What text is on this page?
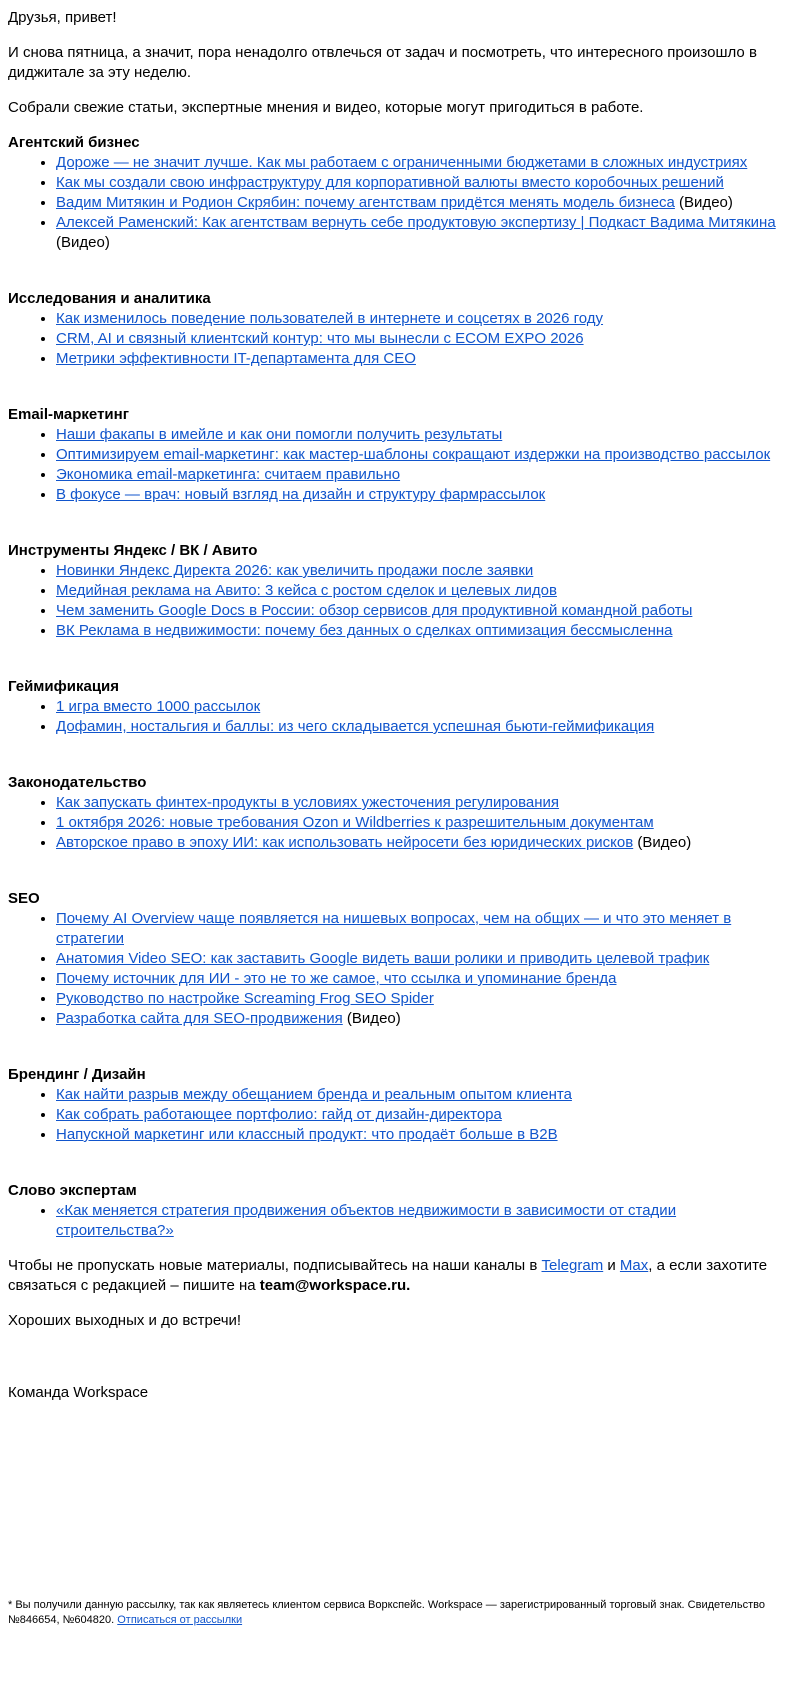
Друзья, привет!

И снова пятница, а значит, пора ненадолго отвлечься от задач и посмотреть, что интересного произошло в диджитале за эту неделю.

Собрали свежие статьи, экспертные мнения и видео, которые могут пригодиться в работе.

Агентский бизнес
• Дороже — не значит лучше. Как мы работаем с ограниченными бюджетами в сложных индустриях
• Как мы создали свою инфраструктуру для корпоративной валюты вместо коробочных решений
• Вадим Митякин и Родион Скрябин: почему агентствам придётся менять модель бизнеса (Видео)
• Алексей Раменский: Как агентствам вернуть себе продуктовую экспертизу | Подкаст Вадима Митякина (Видео)
Исследования и аналитика
• Как изменилось поведение пользователей в интернете и соцсетях в 2026 году
• CRM, AI и связный клиентский контур: что мы вынесли с ECOM EXPO 2026
• Метрики эффективности IT-департамента для CEO
Email-маркетинг
• Наши факапы в имейле и как они помогли получить результаты
• Оптимизируем email-маркетинг: как мастер-шаблоны сокращают издержки на производство рассылок
• Экономика email-маркетинга: считаем правильно
• В фокусе — врач: новый взгляд на дизайн и структуру фармрассылок
Инструменты Яндекс / ВК / Авито
• Новинки Яндекс Директа 2026: как увеличить продажи после заявки
• Медийная реклама на Авито: 3 кейса с ростом сделок и целевых лидов
• Чем заменить Google Docs в России: обзор сервисов для продуктивной командной работы
• ВК Реклама в недвижимости: почему без данных о сделках оптимизация бессмысленна
Геймификация
• 1 игра вместо 1000 рассылок
• Дофамин, ностальгия и баллы: из чего складывается успешная бьюти-геймификация
Законодательство
• Как запускать финтех-продукты в условиях ужесточения регулирования
• 1 октября 2026: новые требования Ozon и Wildberries к разрешительным документам
• Авторское право в эпоху ИИ: как использовать нейросети без юридических рисков (Видео)
SEO
• Почему AI Overview чаще появляется на нишевых вопросах, чем на общих — и что это меняет в стратегии
• Анатомия Video SEO: как заставить Google видеть ваши ролики и приводить целевой трафик
• Почему источник для ИИ - это не то же самое, что ссылка и упоминание бренда
• Руководство по настройке Screaming Frog SEO Spider
• Разработка сайта для SEO-продвижения (Видео)
Брендинг / Дизайн
• Как найти разрыв между обещанием бренда и реальным опытом клиента
• Как собрать работающее портфолио: гайд от дизайн-директора
• Напускной маркетинг или классный продукт: что продаёт больше в B2B
Слово экспертам
• «Как меняется стратегия продвижения объектов недвижимости в зависимости от стадии строительства?»

Чтобы не пропускать новые материалы, подписывайтесь на наши каналы в Telegram и Max, а если захотите связаться с редакцией – пишите на team@workspace.ru.

Хороших выходных и до встречи!

Команда Workspace

* Вы получили данную рассылку, так как являетесь клиентом сервиса Воркспейс. Workspace — зарегистрированный торговый знак. Свидетельство №846654, №604820. Отписаться от рассылки
